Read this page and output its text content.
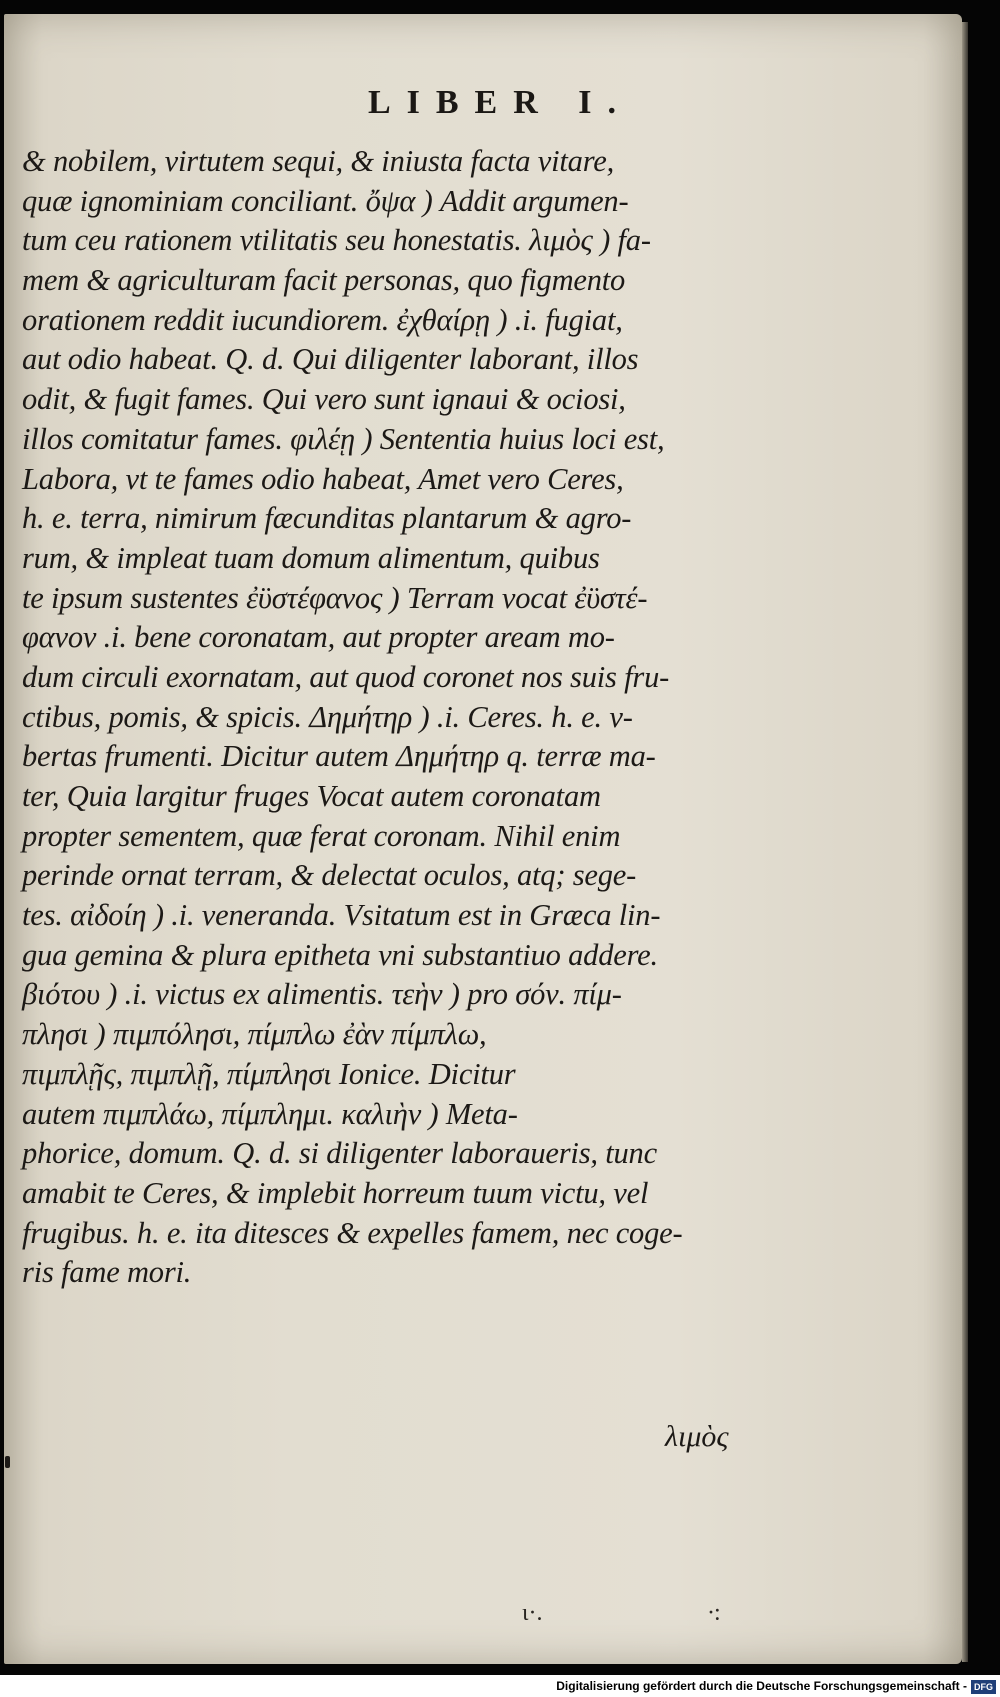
LIBER I.
& nobilem, virtutem sequi, & iniusta facta vitare,
quæ ignominiam conciliant. ὄψα ) Addit argumen-
tum ceu rationem vtilitatis seu honestatis. λιμὸς ) fa-
mem & agriculturam facit personas, quo figmento
orationem reddit iucundiorem. ἐχθαίρῃ ) .i. fugiat,
aut odio habeat. Q. d. Qui diligenter laborant, illos
odit, & fugit fames. Qui vero sunt ignaui & ociosi,
illos comitatur fames. φιλέῃ ) Sententia huius loci est,
Labora, vt te fames odio habeat, Amet vero Ceres,
h. e. terra, nimirum fæcunditas plantarum & agro-
rum, & impleat tuam domum alimentum, quibus
te ipsum sustentes ἐϋστέφανος ) Terram vocat ἐϋστέ-
φανον .i. bene coronatam, aut propter aream mo-
dum circuli exornatam, aut quod coronet nos suis fru-
ctibus, pomis, & spicis. Δημήτηρ ) .i. Ceres. h. e. v-
bertas frumenti. Dicitur autem Δημήτηρ q. terræ ma-
ter, Quia largitur fruges Vocat autem coronatam
propter sementem, quæ ferat coronam. Nihil enim
perinde ornat terram, & delectat oculos, atq; sege-
tes. αἰδοίη ) .i. veneranda. Vsitatum est in Græca lin-
gua gemina & plura epitheta vni substantiuo addere.
βιότου ) .i. victus ex alimentis. τεὴν ) pro σόν. πίμ-
πλησι ) πιμπόλησι, πίμπλω ἐὰν πίμπλω,
πιμπλῇς, πιμπλῇ, πίμπλησι Ionice. Dicitur
autem πιμπλάω, πίμπλημι. καλιὴν ) Meta-
phorice, domum. Q. d. si diligenter laboraueris, tunc
amabit te Ceres, & implebit horreum tuum victu, vel
frugibus. h. e. ita ditesces & expelles famem, nec coge-
ris fame mori.
λιμὸς
ι·.	∙:
Digitalisierung gefördert durch die Deutsche Forschungsgemeinschaft - DFG
